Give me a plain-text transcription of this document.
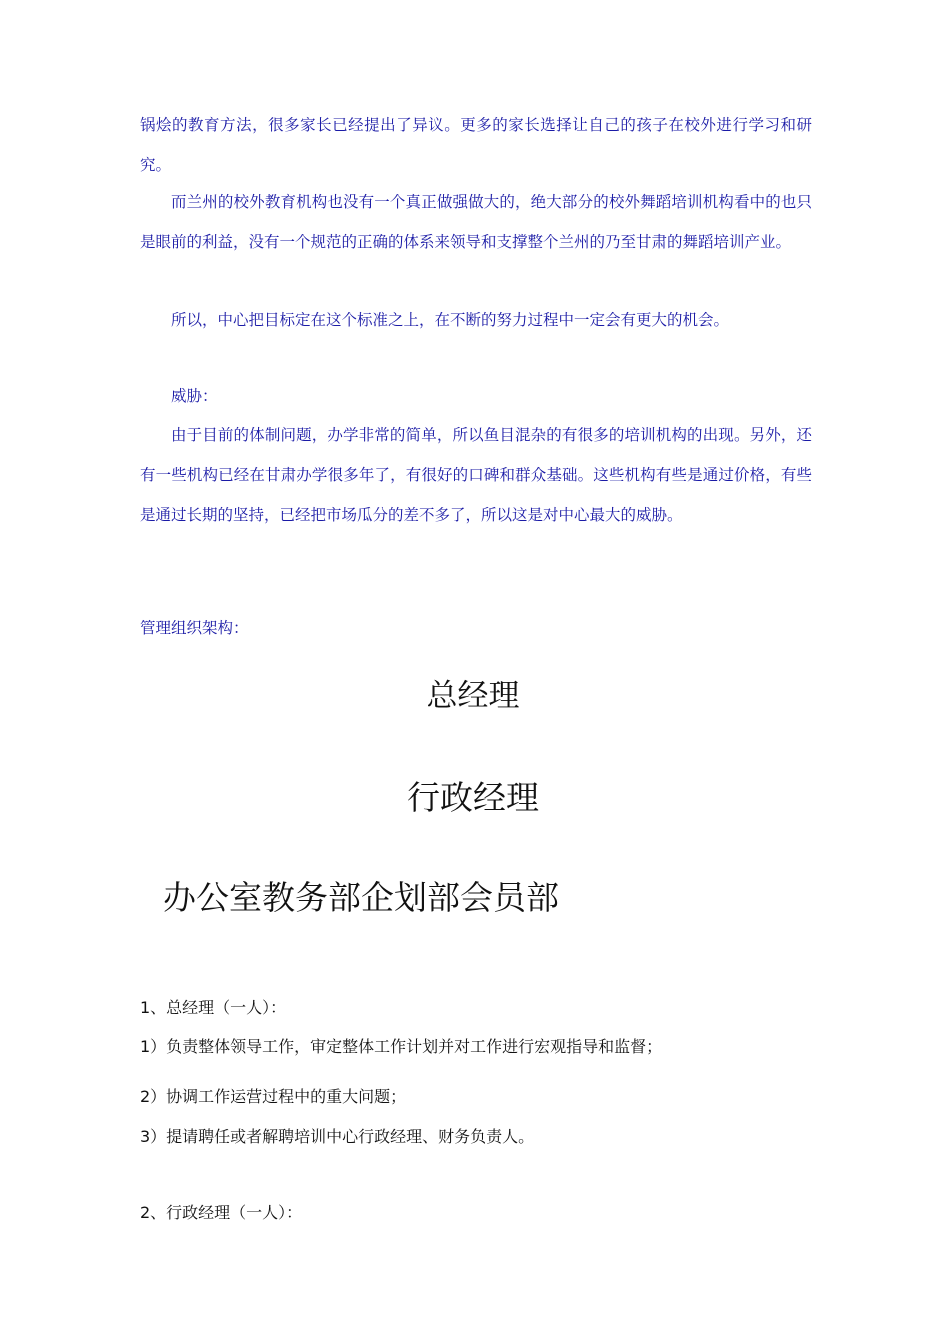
锅烩的教育方法，很多家长已经提出了异议。更多的家长选择让自己的孩子在校外进行学习和研究。

而兰州的校外教育机构也没有一个真正做强做大的，绝大部分的校外舞蹈培训机构看中的也只是眼前的利益，没有一个规范的正确的体系来领导和支撑整个兰州的乃至甘肃的舞蹈培训产业。

所以，中心把目标定在这个标准之上，在不断的努力过程中一定会有更大的机会。

威胁：

由于目前的体制问题，办学非常的简单，所以鱼目混杂的有很多的培训机构的出现。另外，还有一些机构已经在甘肃办学很多年了，有很好的口碑和群众基础。这些机构有些是通过价格，有些是通过长期的坚持，已经把市场瓜分的差不多了，所以这是对中心最大的威胁。

管理组织架构：

总经理

行政经理

办公室教务部企划部会员部

1、总经理（一人）：

1）负责整体领导工作，审定整体工作计划并对工作进行宏观指导和监督；

2）协调工作运营过程中的重大问题；

3）提请聘任或者解聘培训中心行政经理、财务负责人。

2、行政经理（一人）：
